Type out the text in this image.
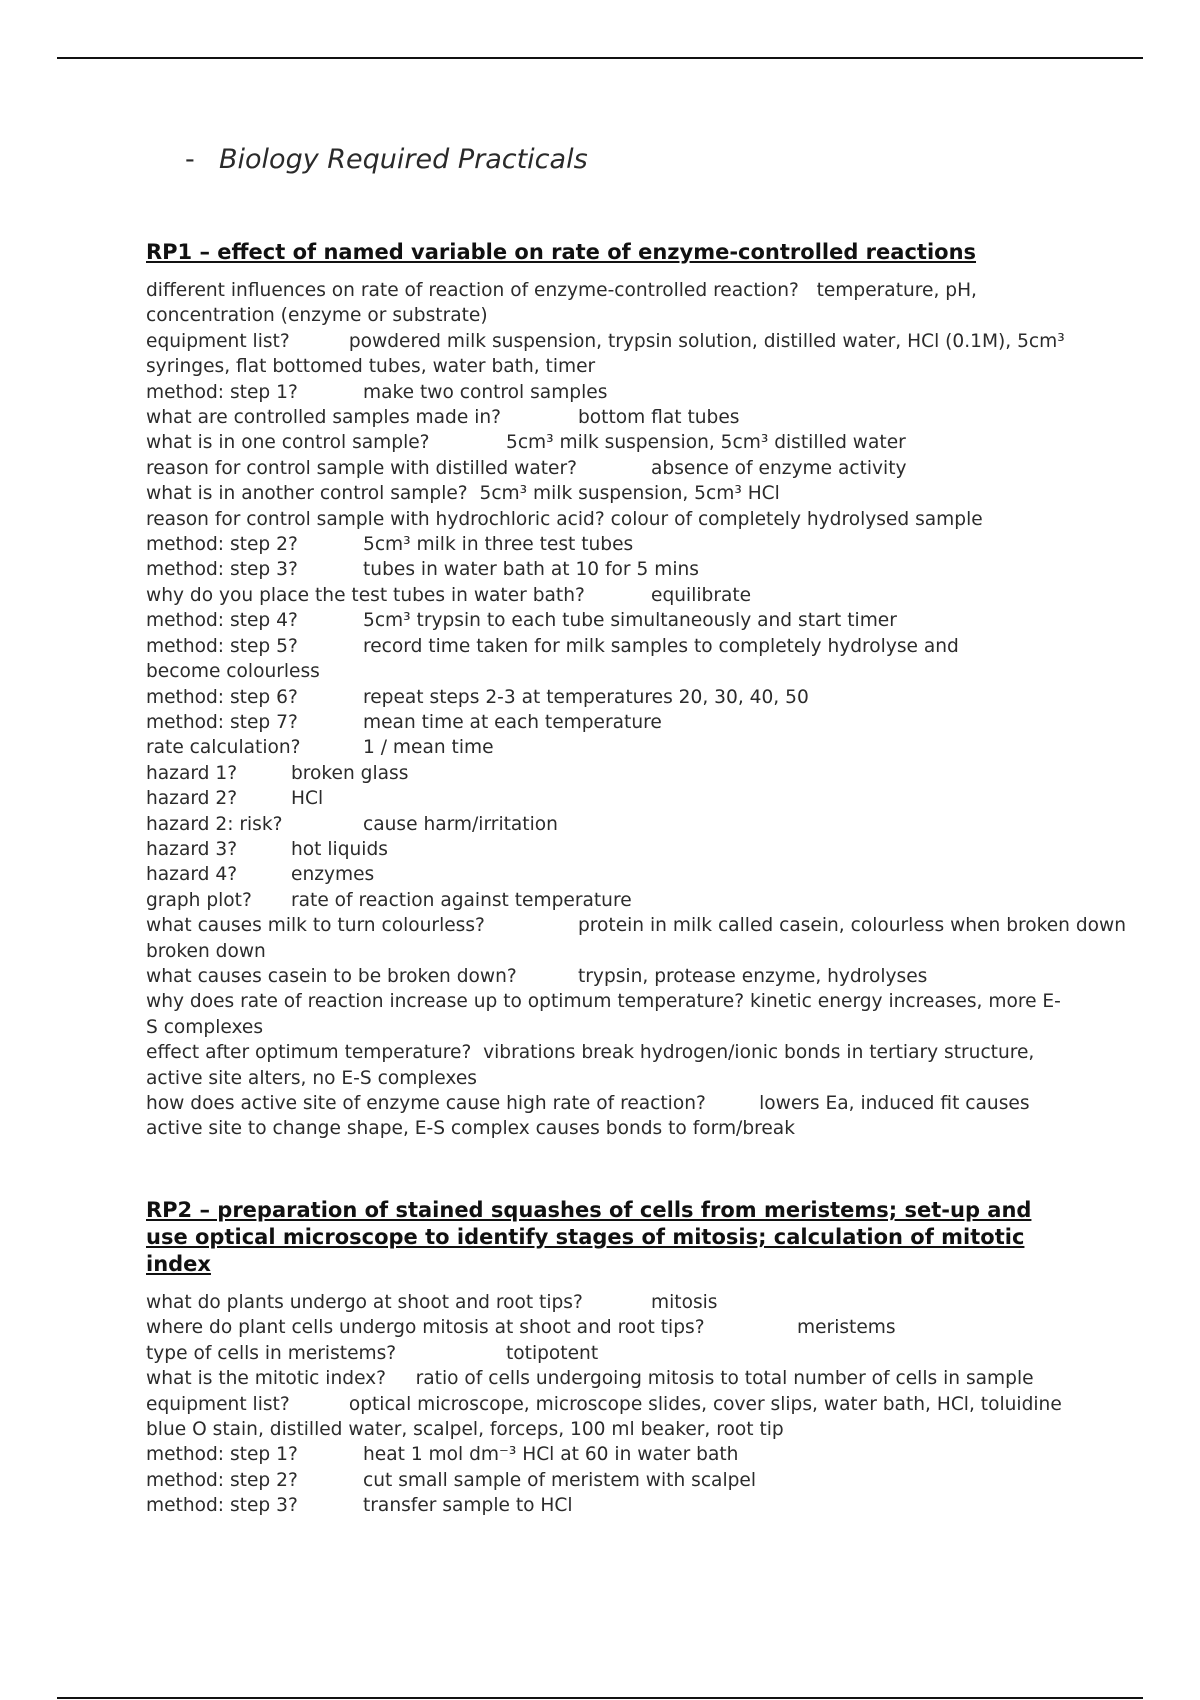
- Biology Required Practicals

RP1 – effect of named variable on rate of enzyme-controlled reactions

different influences on rate of reaction of enzyme-controlled reaction? temperature, pH, concentration (enzyme or substrate)
equipment list?	powdered milk suspension, trypsin solution, distilled water, HCl (0.1M), 5cm³ syringes, flat bottomed tubes, water bath, timer
method: step 1?	make two control samples
what are controlled samples made in?	bottom flat tubes
what is in one control sample?	5cm³ milk suspension, 5cm³ distilled water
reason for control sample with distilled water?	absence of enzyme activity
what is in another control sample? 5cm³ milk suspension, 5cm³ HCl
reason for control sample with hydrochloric acid? colour of completely hydrolysed sample
method: step 2?	5cm³ milk in three test tubes
method: step 3?	tubes in water bath at 10 for 5 mins
why do you place the test tubes in water bath?	equilibrate
method: step 4?	5cm³ trypsin to each tube simultaneously and start timer
method: step 5?	record time taken for milk samples to completely hydrolyse and

become colourless
method: step 6?	repeat steps 2-3 at temperatures 20, 30, 40, 50
method: step 7?	mean time at each temperature
rate calculation?	1 / mean time
hazard 1?	broken glass
hazard 2?	HCl
hazard 2: risk?	cause harm/irritation
hazard 3?	hot liquids
hazard 4?	enzymes
graph plot? rate of reaction against temperature
what causes milk to turn colourless?	protein in milk called casein, colourless when broken down

broken down
what causes casein to be broken down?	trypsin, protease enzyme, hydrolyses
why does rate of reaction increase up to optimum temperature? kinetic energy increases, more E-S complexes
effect after optimum temperature? vibrations break hydrogen/ionic bonds in tertiary structure, active site alters, no E-S complexes
how does active site of enzyme cause high rate of reaction?	lowers Ea, induced fit causes active site to change shape, E-S complex causes bonds to form/break

RP2 – preparation of stained squashes of cells from meristems; set-up and use optical microscope to identify stages of mitosis; calculation of mitotic index

what do plants undergo at shoot and root tips?	mitosis
where do plant cells undergo mitosis at shoot and root tips?	meristems
type of cells in meristems?	totipotent
what is the mitotic index? ratio of cells undergoing mitosis to total number of cells in sample
equipment list?	optical microscope, microscope slides, cover slips, water bath, HCl, toluidine blue O stain, distilled water, scalpel, forceps, 100 ml beaker, root tip
method: step 1?	heat 1 mol dm⁻³ HCl at 60 in water bath
method: step 2?	cut small sample of meristem with scalpel
method: step 3?	transfer sample to HCl
